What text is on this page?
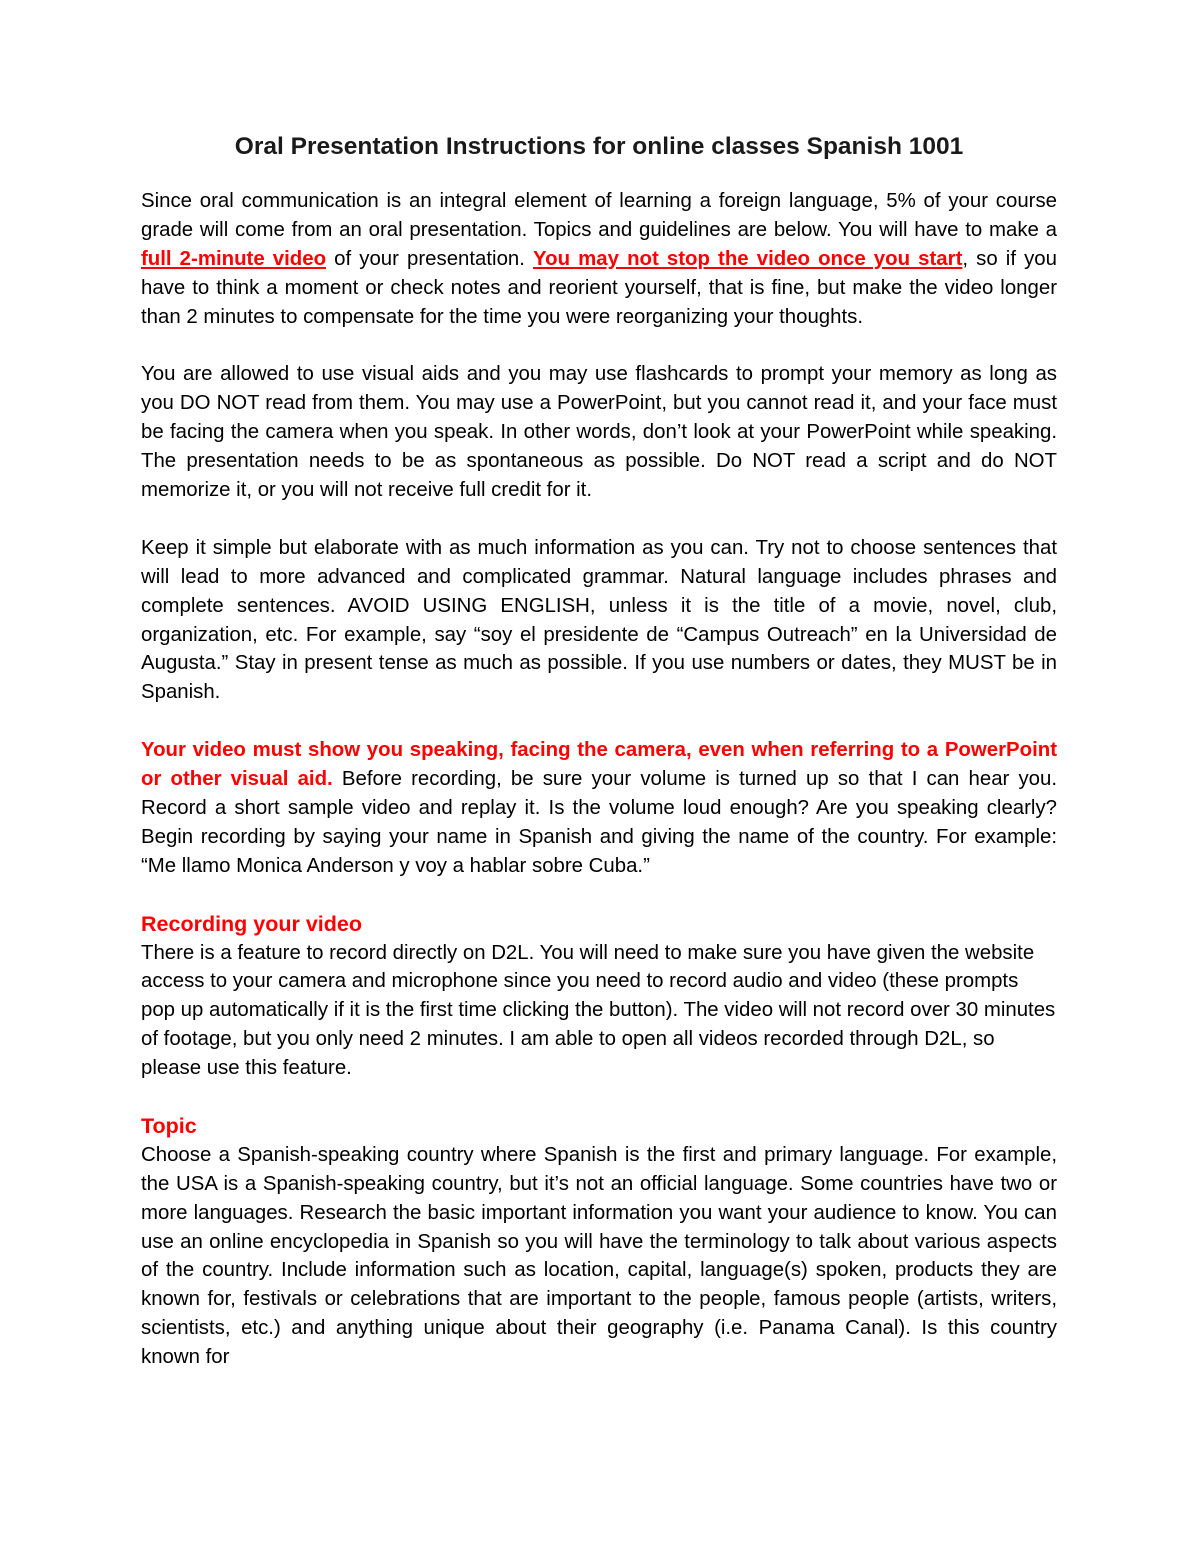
Oral Presentation Instructions for online classes Spanish 1001

Since oral communication is an integral element of learning a foreign language, 5% of your course grade will come from an oral presentation. Topics and guidelines are below. You will have to make a full 2-minute video of your presentation. You may not stop the video once you start, so if you have to think a moment or check notes and reorient yourself, that is fine, but make the video longer than 2 minutes to compensate for the time you were reorganizing your thoughts.

You are allowed to use visual aids and you may use flashcards to prompt your memory as long as you DO NOT read from them. You may use a PowerPoint, but you cannot read it, and your face must be facing the camera when you speak. In other words, don’t look at your PowerPoint while speaking. The presentation needs to be as spontaneous as possible. Do NOT read a script and do NOT memorize it, or you will not receive full credit for it.

Keep it simple but elaborate with as much information as you can. Try not to choose sentences that will lead to more advanced and complicated grammar. Natural language includes phrases and complete sentences. AVOID USING ENGLISH, unless it is the title of a movie, novel, club, organization, etc. For example, say “soy el presidente de “Campus Outreach” en la Universidad de Augusta.” Stay in present tense as much as possible. If you use numbers or dates, they MUST be in Spanish.

Your video must show you speaking, facing the camera, even when referring to a PowerPoint or other visual aid. Before recording, be sure your volume is turned up so that I can hear you. Record a short sample video and replay it. Is the volume loud enough? Are you speaking clearly? Begin recording by saying your name in Spanish and giving the name of the country. For example: “Me llamo Monica Anderson y voy a hablar sobre Cuba.”

Recording your video

There is a feature to record directly on D2L. You will need to make sure you have given the website access to your camera and microphone since you need to record audio and video (these prompts pop up automatically if it is the first time clicking the button). The video will not record over 30 minutes of footage, but you only need 2 minutes. I am able to open all videos recorded through D2L, so please use this feature.

Topic

Choose a Spanish-speaking country where Spanish is the first and primary language. For example, the USA is a Spanish-speaking country, but it’s not an official language. Some countries have two or more languages. Research the basic important information you want your audience to know. You can use an online encyclopedia in Spanish so you will have the terminology to talk about various aspects of the country. Include information such as location, capital, language(s) spoken, products they are known for, festivals or celebrations that are important to the people, famous people (artists, writers, scientists, etc.) and anything unique about their geography (i.e. Panama Canal). Is this country known for
